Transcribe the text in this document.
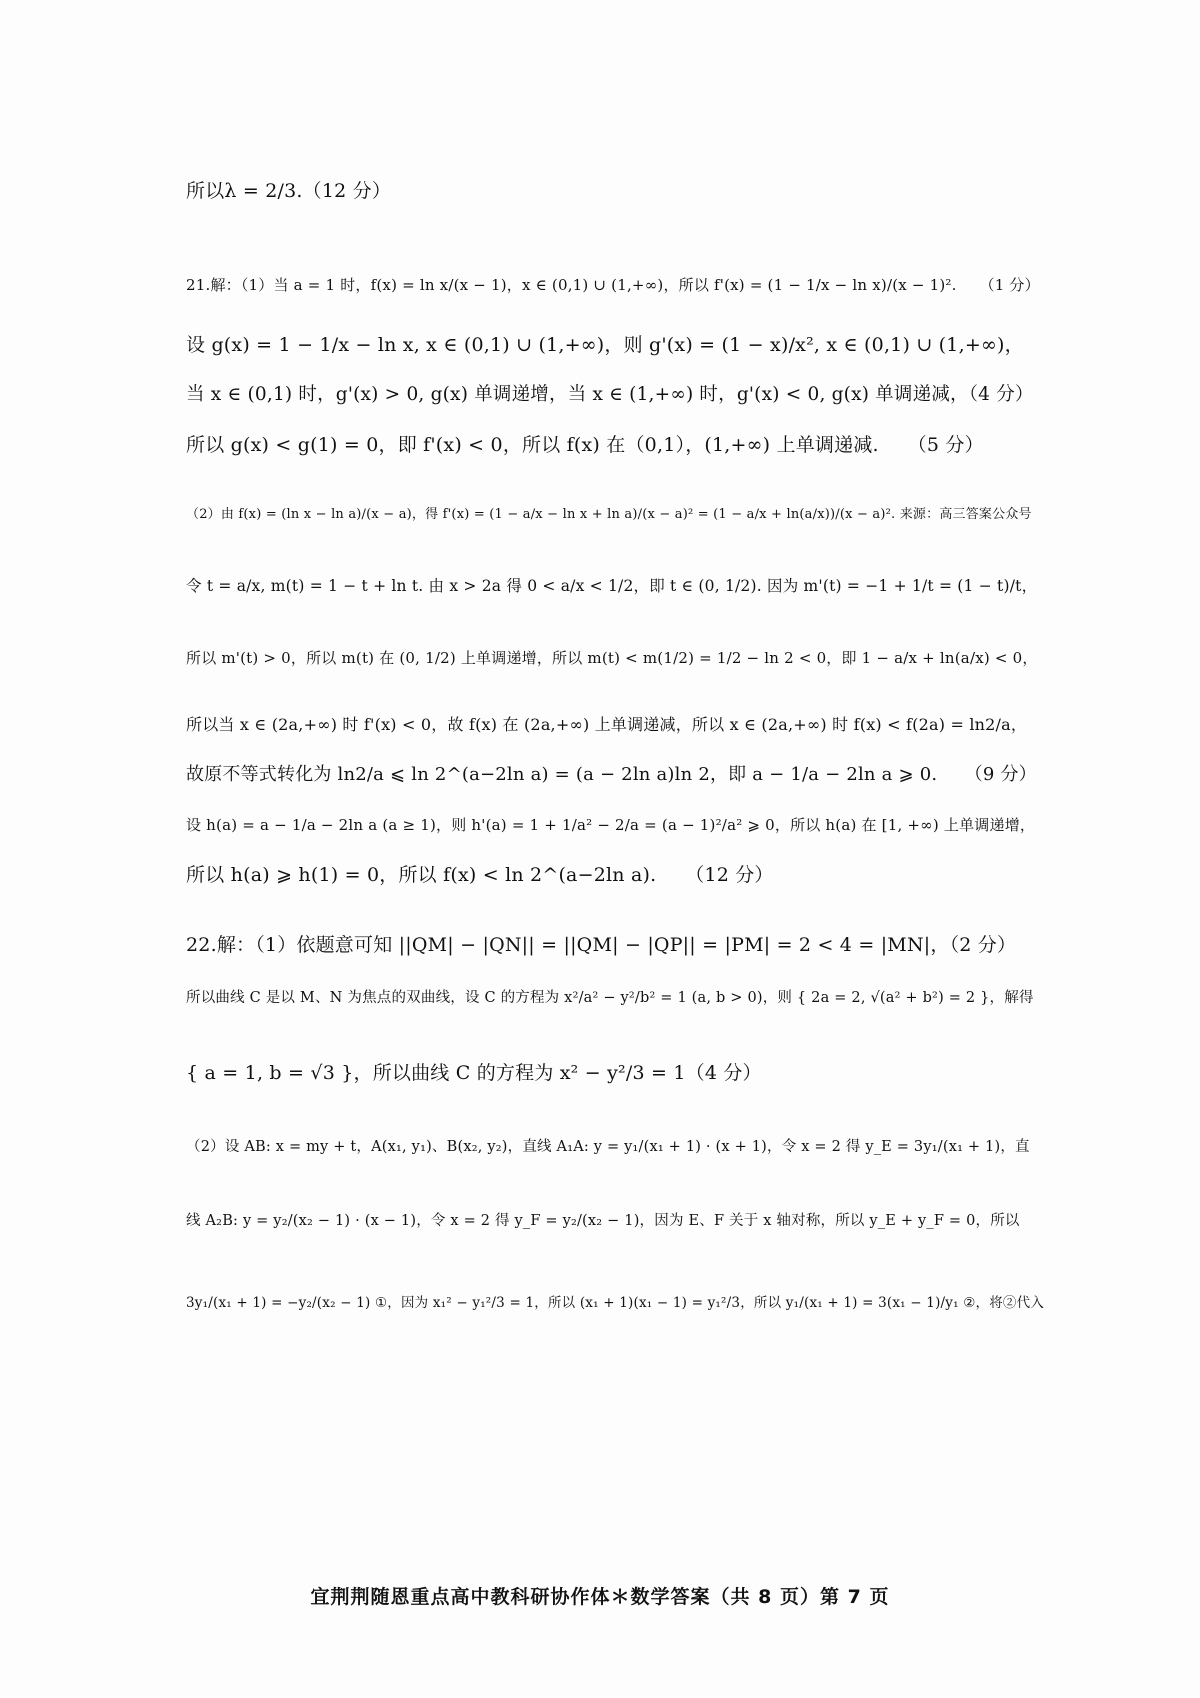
所以λ = 2/3.（12 分）
21.解：（1）当 a = 1 时，f(x) = ln x/(x − 1)，x ∈ (0,1) ∪ (1,+∞)，所以 f'(x) = (1 − 1/x − ln x)/(x − 1)².　　（1 分）
设 g(x) = 1 − 1/x − ln x, x ∈ (0,1) ∪ (1,+∞)，则 g'(x) = (1 − x)/x², x ∈ (0,1) ∪ (1,+∞)，
当 x ∈ (0,1) 时，g'(x) > 0, g(x) 单调递增，当 x ∈ (1,+∞) 时，g'(x) < 0, g(x) 单调递减，（4 分）
所以 g(x) < g(1) = 0，即 f'(x) < 0，所以 f(x) 在（0,1），(1,+∞) 上单调递减.　　（5 分）
（2）由 f(x) = (ln x − ln a)/(x − a)，得 f'(x) = (1 − a/x − ln x + ln a)/(x − a)² = (1 − a/x + ln(a/x))/(x − a)². 来源：高三答案公众号
令 t = a/x, m(t) = 1 − t + ln t. 由 x > 2a 得 0 < a/x < 1/2，即 t ∈ (0, 1/2). 因为 m'(t) = −1 + 1/t = (1 − t)/t，
所以 m'(t) > 0，所以 m(t) 在 (0, 1/2) 上单调递增，所以 m(t) < m(1/2) = 1/2 − ln 2 < 0，即 1 − a/x + ln(a/x) < 0，
所以当 x ∈ (2a,+∞) 时 f'(x) < 0，故 f(x) 在 (2a,+∞) 上单调递减，所以 x ∈ (2a,+∞) 时 f(x) < f(2a) = ln2/a，
故原不等式转化为 ln2/a ⩽ ln 2^(a−2ln a) = (a − 2ln a)ln 2，即 a − 1/a − 2ln a ⩾ 0.　　（9 分）
设 h(a) = a − 1/a − 2ln a (a ≥ 1)，则 h'(a) = 1 + 1/a² − 2/a = (a − 1)²/a² ⩾ 0，所以 h(a) 在 [1, +∞) 上单调递增，
所以 h(a) ⩾ h(1) = 0，所以 f(x) < ln 2^(a−2ln a).　　（12 分）
22.解：（1）依题意可知 ||QM| − |QN|| = ||QM| − |QP|| = |PM| = 2 < 4 = |MN|，（2 分）
所以曲线 C 是以 M、N 为焦点的双曲线，设 C 的方程为 x²/a² − y²/b² = 1 (a, b > 0)，则 { 2a = 2, √(a² + b²) = 2 }，解得
{ a = 1, b = √3 }，所以曲线 C 的方程为 x² − y²/3 = 1（4 分）
（2）设 AB: x = my + t，A(x₁, y₁)、B(x₂, y₂)，直线 A₁A: y = y₁/(x₁ + 1) · (x + 1)，令 x = 2 得 y_E = 3y₁/(x₁ + 1)，直
线 A₂B: y = y₂/(x₂ − 1) · (x − 1)，令 x = 2 得 y_F = y₂/(x₂ − 1)，因为 E、F 关于 x 轴对称，所以 y_E + y_F = 0，所以
3y₁/(x₁ + 1) = −y₂/(x₂ − 1) ①，因为 x₁² − y₁²/3 = 1，所以 (x₁ + 1)(x₁ − 1) = y₁²/3，所以 y₁/(x₁ + 1) = 3(x₁ − 1)/y₁ ②，将②代入
宜荆荆随恩重点高中教科研协作体＊数学答案（共 8 页）第 7 页
